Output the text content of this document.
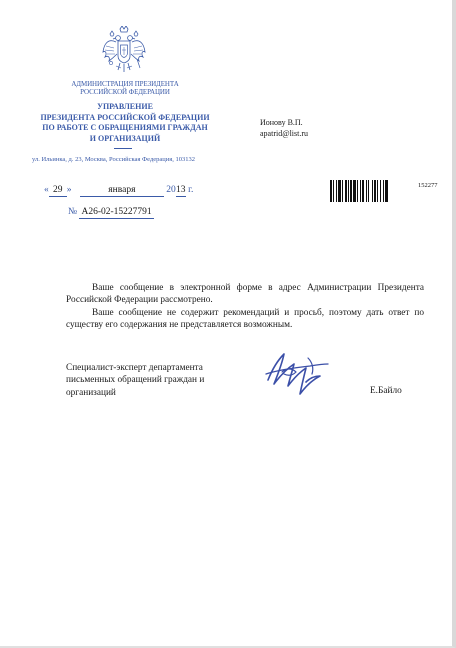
АДМИНИСТРАЦИЯ ПРЕЗИДЕНТА
РОССИЙСКОЙ ФЕДЕРАЦИИ
УПРАВЛЕНИЕ
ПРЕЗИДЕНТА РОССИЙСКОЙ ФЕДЕРАЦИИ
ПО РАБОТЕ С ОБРАЩЕНИЯМИ ГРАЖДАН
И ОРГАНИЗАЦИЙ
ул. Ильинка, д. 23, Москва, Российская Федерация, 103132
Ионову В.П.
apatrid@list.ru
« 29 »	января	2013 г.
№ А26-02-15227791
152277

Ваше сообщение в электронной форме в адрес Администрации Президента Российской Федерации рассмотрено.

Ваше сообщение не содержит рекомендаций и просьб, поэтому дать ответ по существу его содержания не представляется возможным.

Специалист-эксперт департамента
письменных обращений граждан и
организаций	Е.Байло
